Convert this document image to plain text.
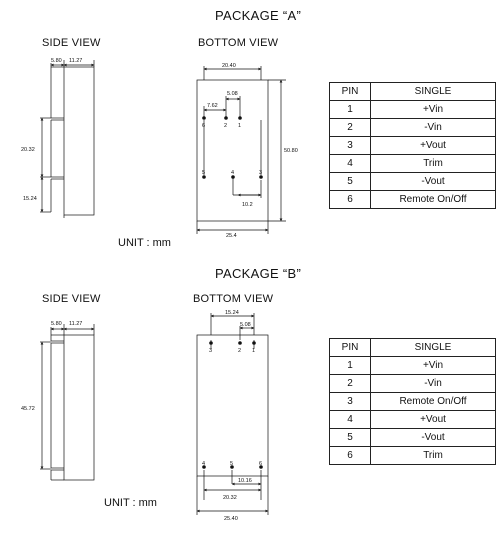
PACKAGE “A”
SIDE VIEW	BOTTOM VIEW
UNIT : mm
PACKAGE “B”
SIDE VIEW	BOTTOM VIEW
UNIT : mm
5.80 11.27
20.32
15.24
20.40
5.08
7.62
10.2
50.80
25.4
6	2 1
5	4	3
5.80 11.27
45.72
15.24
5.08
10.16
20.32
25.40
3	2 1
4	5	6
PIN	SINGLE
1	+Vin
2	-Vin
3	+Vout
4	Trim
5	-Vout
6	Remote On/Off
PIN	SINGLE
1	+Vin
2	-Vin
3	Remote On/Off
4	+Vout
5	-Vout
6	Trim
